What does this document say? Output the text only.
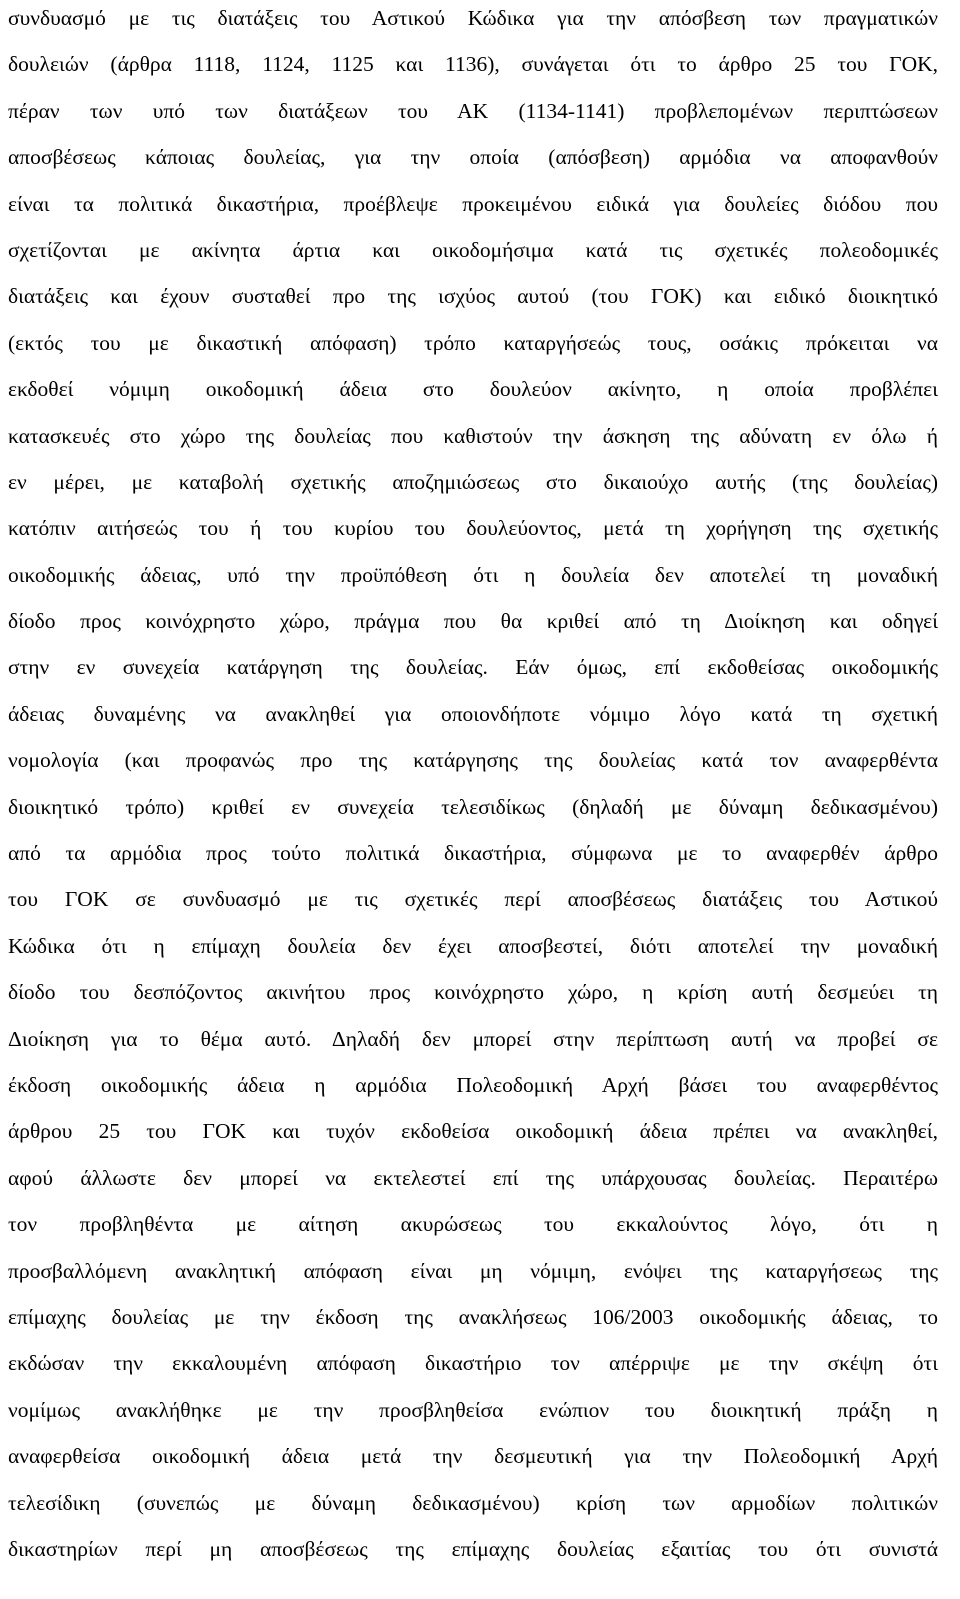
συνδυασμό με τις διατάξεις του Αστικού Κώδικα για την απόσβεση των πραγματικών
δουλειών (άρθρα 1118, 1124, 1125 και 1136), συνάγεται ότι το άρθρο 25 του ΓΟΚ,
πέραν των υπό των διατάξεων του ΑΚ (1134-1141) προβλεπομένων περιπτώσεων
αποσβέσεως κάποιας δουλείας, για την οποία (απόσβεση) αρμόδια να αποφανθούν
είναι τα πολιτικά δικαστήρια, προέβλεψε προκειμένου ειδικά για δουλείες διόδου που
σχετίζονται με ακίνητα άρτια και οικοδομήσιμα κατά τις σχετικές πολεοδομικές
διατάξεις και έχουν συσταθεί προ της ισχύος αυτού (του ΓΟΚ) και ειδικό διοικητικό
(εκτός του με δικαστική απόφαση) τρόπο καταργήσεώς τους, οσάκις πρόκειται να
εκδοθεί νόμιμη οικοδομική άδεια στο δουλεύον ακίνητο, η οποία προβλέπει
κατασκευές στο χώρο της δουλείας που καθιστούν την άσκηση της αδύνατη εν όλω ή
εν μέρει, με καταβολή σχετικής αποζημιώσεως στο δικαιούχο αυτής (της δουλείας)
κατόπιν αιτήσεώς του ή του κυρίου του δουλεύοντος, μετά τη χορήγηση της σχετικής
οικοδομικής άδειας, υπό την προϋπόθεση ότι η δουλεία δεν αποτελεί τη μοναδική
δίοδο προς κοινόχρηστο χώρο, πράγμα που θα κριθεί από τη Διοίκηση και οδηγεί
στην εν συνεχεία κατάργηση της δουλείας. Εάν όμως, επί εκδοθείσας οικοδομικής
άδειας δυναμένης να ανακληθεί για οποιονδήποτε νόμιμο λόγο κατά τη σχετική
νομολογία (και προφανώς προ της κατάργησης της δουλείας κατά τον αναφερθέντα
διοικητικό τρόπο) κριθεί εν συνεχεία τελεσιδίκως (δηλαδή με δύναμη δεδικασμένου)
από τα αρμόδια προς τούτο πολιτικά δικαστήρια, σύμφωνα με το αναφερθέν άρθρο
του ΓΟΚ σε συνδυασμό με τις σχετικές περί αποσβέσεως διατάξεις του Αστικού
Κώδικα ότι η επίμαχη δουλεία δεν έχει αποσβεστεί, διότι αποτελεί την μοναδική
δίοδο του δεσπόζοντος ακινήτου προς κοινόχρηστο χώρο, η κρίση αυτή δεσμεύει τη
Διοίκηση για το θέμα αυτό. Δηλαδή δεν μπορεί στην περίπτωση αυτή να προβεί σε
έκδοση οικοδομικής άδεια η αρμόδια Πολεοδομική Αρχή βάσει του αναφερθέντος
άρθρου 25 του ΓΟΚ και τυχόν εκδοθείσα οικοδομική άδεια πρέπει να ανακληθεί,
αφού άλλωστε δεν μπορεί να εκτελεστεί επί της υπάρχουσας δουλείας. Περαιτέρω
τον προβληθέντα με αίτηση ακυρώσεως του εκκαλούντος λόγο, ότι η
προσβαλλόμενη ανακλητική απόφαση είναι μη νόμιμη, ενόψει της καταργήσεως της
επίμαχης δουλείας με την έκδοση της ανακλήσεως 106/2003 οικοδομικής άδειας, το
εκδώσαν την εκκαλουμένη απόφαση δικαστήριο τον απέρριψε με την σκέψη ότι
νομίμως ανακλήθηκε με την προσβληθείσα ενώπιον του διοικητική πράξη η
αναφερθείσα οικοδομική άδεια μετά την δεσμευτική για την Πολεοδομική Αρχή
τελεσίδικη (συνεπώς με δύναμη δεδικασμένου) κρίση των αρμοδίων πολιτικών
δικαστηρίων περί μη αποσβέσεως της επίμαχης δουλείας εξαιτίας του ότι συνιστά
